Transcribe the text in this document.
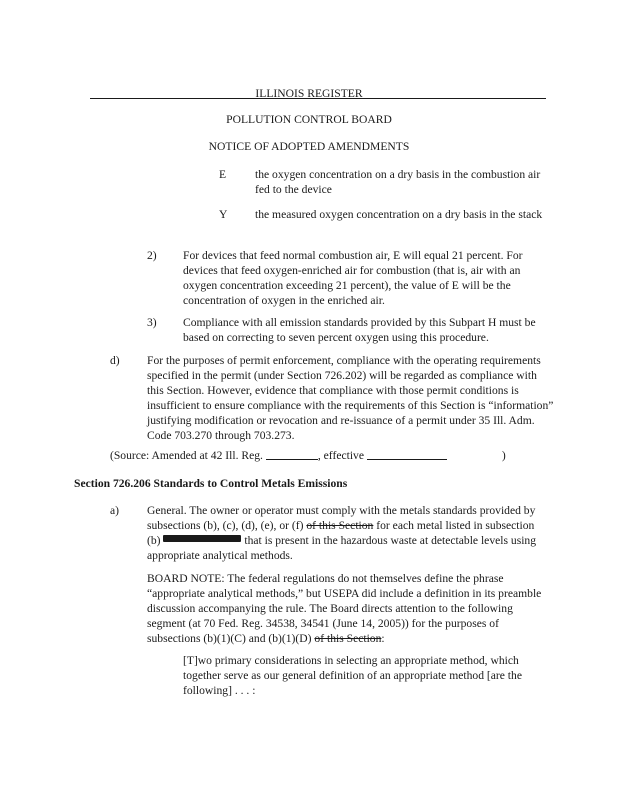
ILLINOIS REGISTER
POLLUTION CONTROL BOARD
NOTICE OF ADOPTED AMENDMENTS
E the oxygen concentration on a dry basis in the combustion air fed to the device

Y the measured oxygen concentration on a dry basis in the stack

2) For devices that feed normal combustion air, E will equal 21 percent. For devices that feed oxygen-enriched air for combustion (that is, air with an oxygen concentration exceeding 21 percent), the value of E will be the concentration of oxygen in the enriched air.

3) Compliance with all emission standards provided by this Subpart H must be based on correcting to seven percent oxygen using this procedure.

d) For the purposes of permit enforcement, compliance with the operating requirements specified in the permit (under Section 726.202) will be regarded as compliance with this Section. However, evidence that compliance with those permit conditions is insufficient to ensure compliance with the requirements of this Section is “information” justifying modification or revocation and re-issuance of a permit under 35 Ill. Adm. Code 703.270 through 703.273.

(Source: Amended at 42 Ill. Reg.	, effective	)
Section 726.206 Standards to Control Metals Emissions
a) General. The owner or operator must comply with the metals standards provided by subsections (b), (c), (d), (e), or (f) of this Section for each metal listed in subsection (b)	that is present in the hazardous waste at detectable levels using appropriate analytical methods.

BOARD NOTE: The federal regulations do not themselves define the phrase “appropriate analytical methods,” but USEPA did include a definition in its preamble discussion accompanying the rule. The Board directs attention to the following segment (at 70 Fed. Reg. 34538, 34541 (June 14, 2005)) for the purposes of subsections (b)(1)(C) and (b)(1)(D) of this Section:

[T]wo primary considerations in selecting an appropriate method, which together serve as our general definition of an appropriate method [are the following] . . . :
